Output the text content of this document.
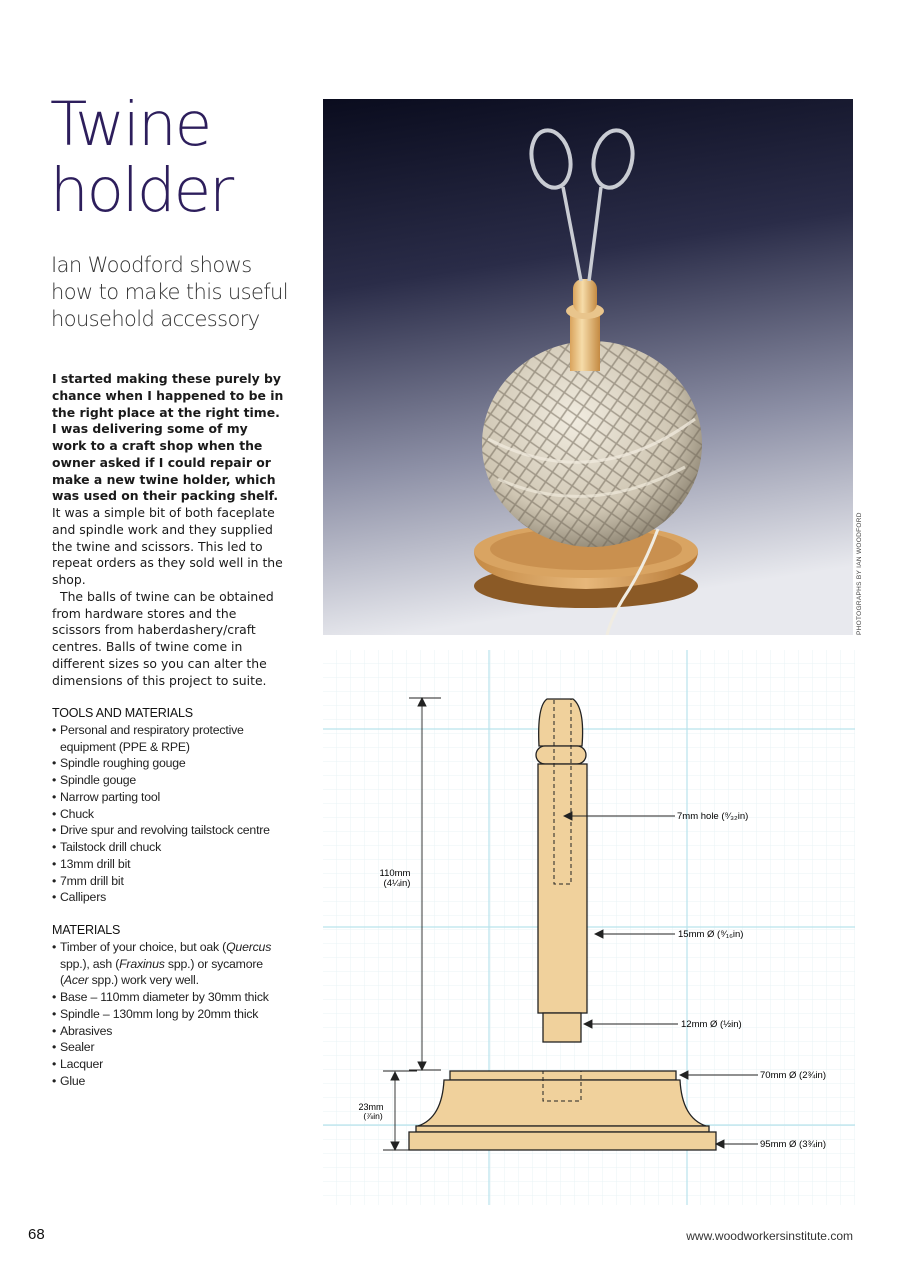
Twine
holder
Ian Woodford shows
how to make this useful
household accessory

I started making these purely by chance when I happened to be in the right place at the right time. I was delivering some of my work to a craft shop when the owner asked if I could repair or make a new twine holder, which was used on their packing shelf. It was a simple bit of both faceplate and spindle work and they supplied the twine and scissors. This led to repeat orders as they sold well in the shop.

The balls of twine can be obtained from hardware stores and the scissors from haberdashery/craft centres. Balls of twine come in different sizes so you can alter the dimensions of this project to suite.

TOOLS AND MATERIALS
• Personal and respiratory protective equipment (PPE & RPE)
• Spindle roughing gouge
• Spindle gouge
• Narrow parting tool
• Chuck
• Drive spur and revolving tailstock centre
• Tailstock drill chuck
• 13mm drill bit
• 7mm drill bit
• Callipers
MATERIALS
• Timber of your choice, but oak (Quercus spp.), ash (Fraxinus spp.) or sycamore (Acer spp.) work very well.
• Base – 110mm diameter by 30mm thick
• Spindle – 130mm long by 20mm thick
• Abrasives
• Sealer
• Lacquer
• Glue
PHOTOGRAPHS BY IAN WOODFORD
110mm
(4¼in)
23mm
(⅞in)
7mm hole (⁹⁄₃₂in)
15mm Ø (⁹⁄₁₆in)
12mm Ø (½in)
70mm Ø (2¾in)
95mm Ø (3¾in)
68	www.woodworkersinstitute.com
